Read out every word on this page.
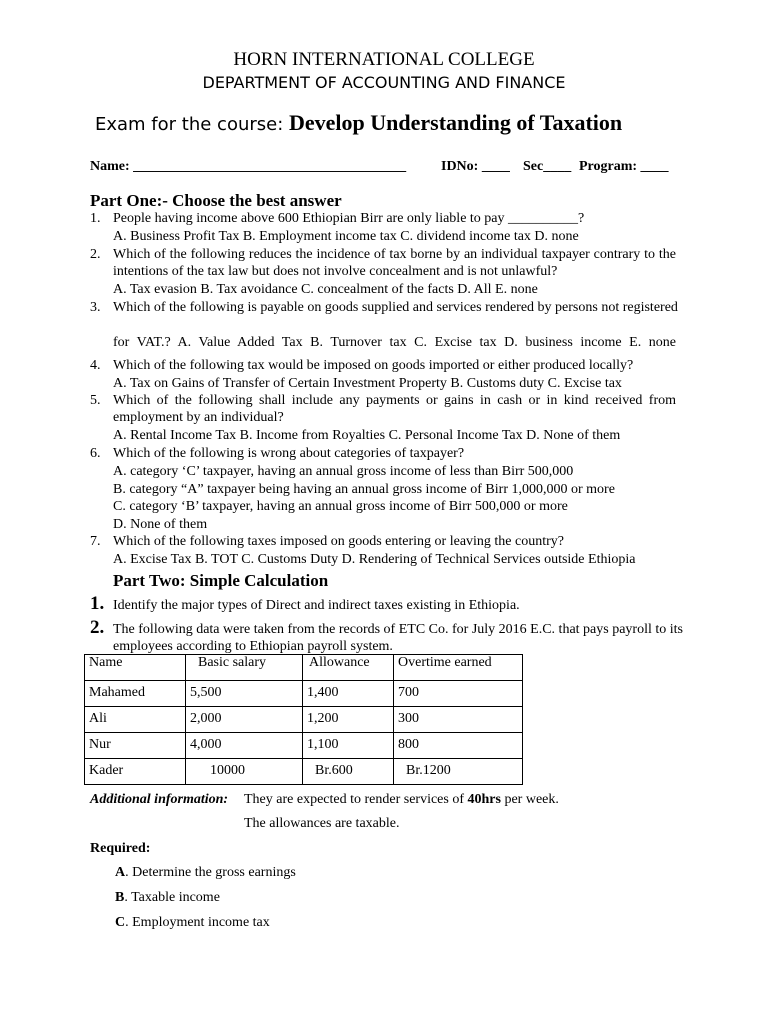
HORN INTERNATIONAL COLLEGE
DEPARTMENT OF ACCOUNTING AND FINANCE
Exam for the course: Develop Understanding of Taxation
Name: _______________________________________ IDNo: ____ Sec____ Program: ____
Part One:- Choose the best answer
1. People having income above 600 Ethiopian Birr are only liable to pay __________?
A. Business Profit Tax B. Employment income tax C. dividend income tax D. none
2. Which of the following reduces the incidence of tax borne by an individual taxpayer contrary to the
intentions of the tax law but does not involve concealment and is not unlawful?
A. Tax evasion B. Tax avoidance C. concealment of the facts D. All E. none
3. Which of the following is payable on goods supplied and services rendered by persons not registered
for VAT.? A. Value Added Tax B. Turnover tax C. Excise tax D. business income E. none
4. Which of the following tax would be imposed on goods imported or either produced locally?
A. Tax on Gains of Transfer of Certain Investment Property B. Customs duty C. Excise tax
5. Which of the following shall include any payments or gains in cash or in kind received from
employment by an individual?
A. Rental Income Tax B. Income from Royalties C. Personal Income Tax D. None of them
6. Which of the following is wrong about categories of taxpayer?
A. category ‘C’ taxpayer, having an annual gross income of less than Birr 500,000
B. category “A” taxpayer being having an annual gross income of Birr 1,000,000 or more
C. category ‘B’ taxpayer, having an annual gross income of Birr 500,000 or more
D. None of them
7. Which of the following taxes imposed on goods entering or leaving the country?
A. Excise Tax B. TOT C. Customs Duty D. Rendering of Technical Services outside Ethiopia
Part Two: Simple Calculation
1. Identify the major types of Direct and indirect taxes existing in Ethiopia.
2. The following data were taken from the records of ETC Co. for July 2016 E.C. that pays payroll to its
employees according to Ethiopian payroll system.
Name	Basic salary	Allowance	Overtime earned
Mahamed	5,500	1,400	700
Ali	2,000	1,200	300
Nur	4,000	1,100	800
Kader	10000	Br.600	Br.1200
Additional information: They are expected to render services of 40hrs per week.
The allowances are taxable.
Required:
A. Determine the gross earnings
B. Taxable income
C. Employment income tax
